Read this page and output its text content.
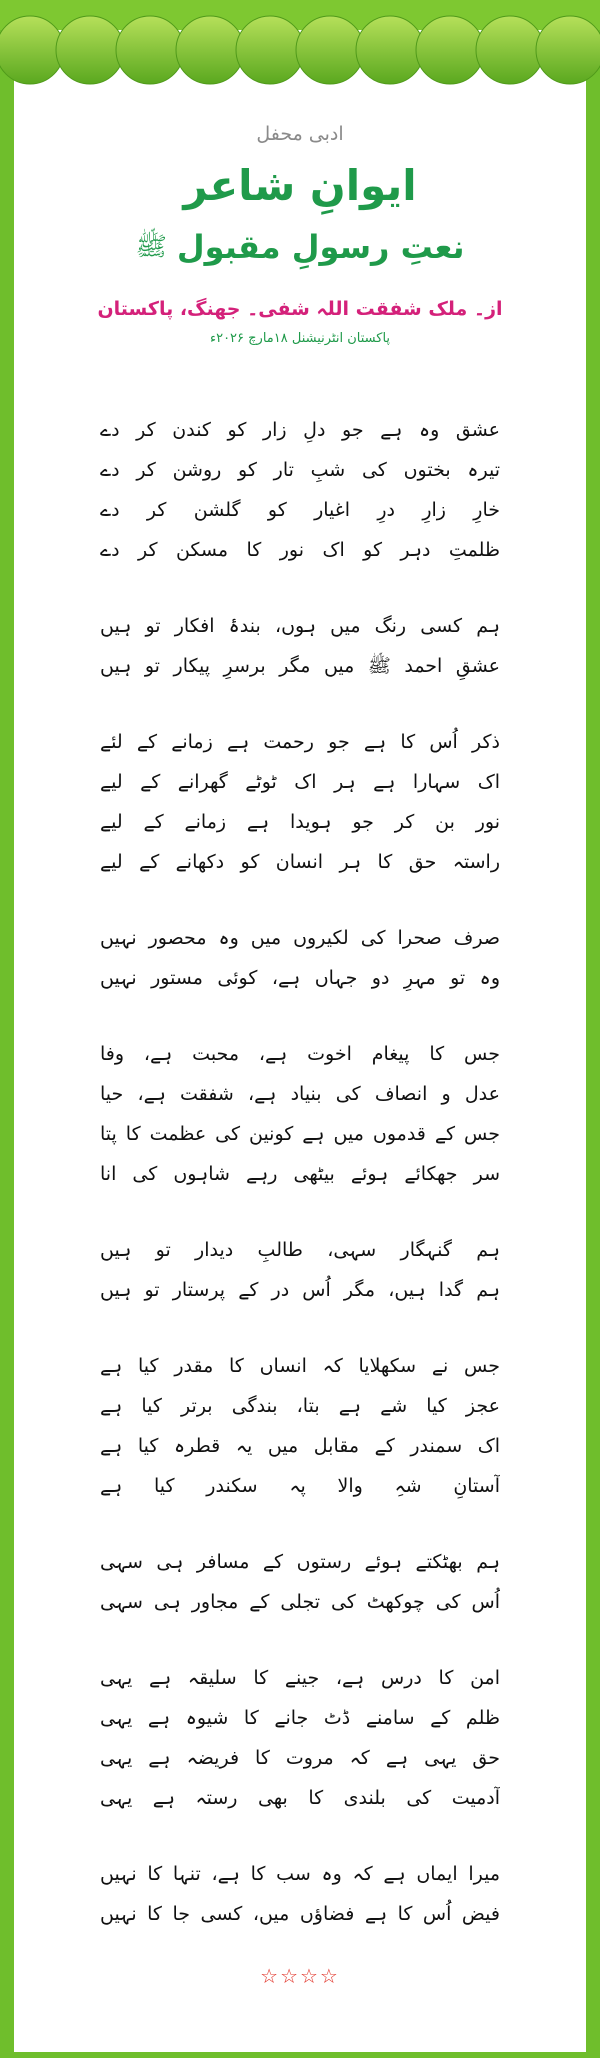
ادبی محفل
ایوانِ شاعر
نعتِ رسولِ مقبول
ﷺ
از۔ ملک شفقت اللہ شفی۔ جھنگ، پاکستان
پاکستان انٹرنیشنل ۱۸مارچ ۲۰۲۶ء
عشق وہ ہے جو دلِ زار کو کندن کر دے
تیرہ بختوں کی شبِ تار کو روشن کر دے
خارِ زارِ درِ اغیار کو گلشن کر دے
ظلمتِ دہر کو اک نور کا مسکن کر دے
ہم کسی رنگ میں ہوں، بندۂ افکار تو ہیں
عشقِ احمد ﷺ میں مگر برسرِ پیکار تو ہیں
ذکر اُس کا ہے جو رحمت ہے زمانے کے لئے
اک سہارا ہے ہر اک ٹوٹے گھرانے کے لیے
نور بن کر جو ہویدا ہے زمانے کے لیے
راستہ حق کا ہر انسان کو دکھانے کے لیے
صرف صحرا کی لکیروں میں وہ محصور نہیں
وہ تو مہرِ دو جہاں ہے، کوئی مستور نہیں
جس کا پیغام اخوت ہے، محبت ہے، وفا
عدل و انصاف کی بنیاد ہے، شفقت ہے، حیا
جس کے قدموں میں ہے کونین کی عظمت کا پتا
سر جھکائے ہوئے بیٹھی رہے شاہوں کی انا
ہم گنہگار سہی، طالبِ دیدار تو ہیں
ہم گدا ہیں، مگر اُس در کے پرستار تو ہیں
جس نے سکھلایا کہ انساں کا مقدر کیا ہے
عجز کیا شے ہے بتا، بندگی برتر کیا ہے
اک سمندر کے مقابل میں یہ قطرہ کیا ہے
آستانِ شہِ والا پہ سکندر کیا ہے
ہم بھٹکتے ہوئے رستوں کے مسافر ہی سہی
اُس کی چوکھٹ کی تجلی کے مجاور ہی سہی
امن کا درس ہے، جینے کا سلیقہ ہے یہی
ظلم کے سامنے ڈٹ جانے کا شیوہ ہے یہی
حق یہی ہے کہ مروت کا فریضہ ہے یہی
آدمیت کی بلندی کا بھی رستہ ہے یہی
میرا ایماں ہے کہ وہ سب کا ہے، تنہا کا نہیں
فیض اُس کا ہے فضاؤں میں، کسی جا کا نہیں
☆☆☆☆
